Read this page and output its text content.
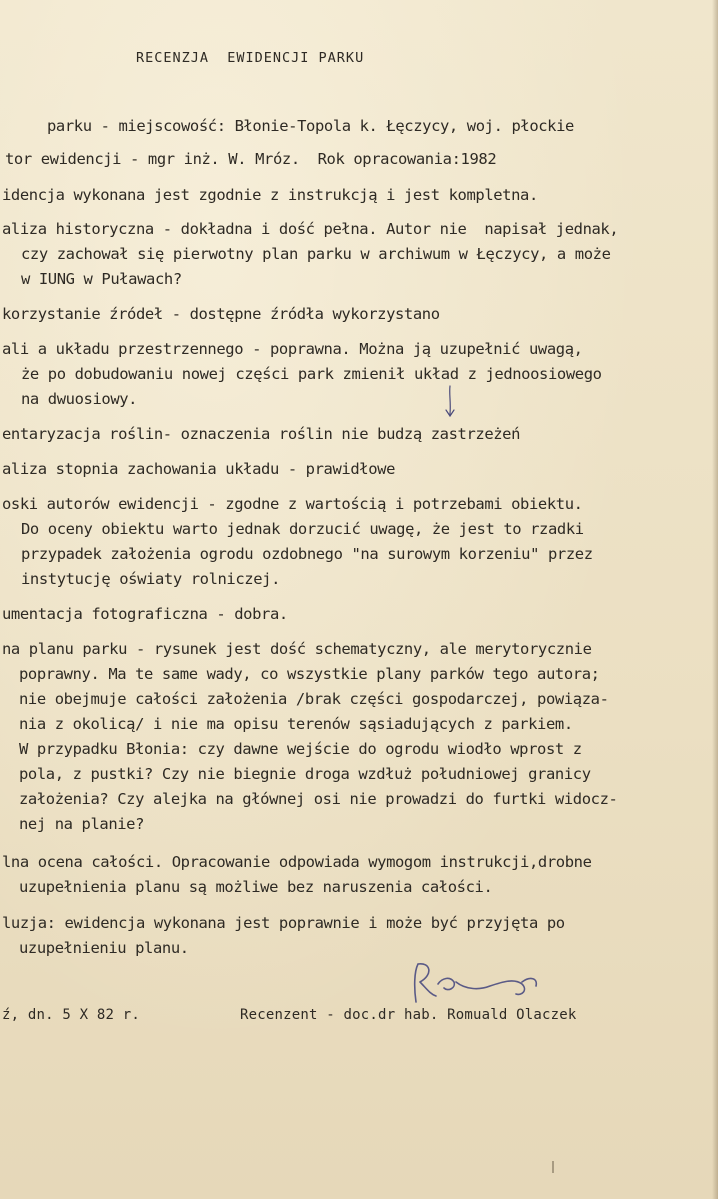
RECENZJA  EWIDENCJI PARKU
parku - miejscowość: Błonie-Topola k. Łęczycy, woj. płockie
tor ewidencji - mgr inż. W. Mróz.  Rok opracowania:1982
idencja wykonana jest zgodnie z instrukcją i jest kompletna.
aliza historyczna - dokładna i dość pełna. Autor nie  napisał jednak,
czy zachował się pierwotny plan parku w archiwum w Łęczycy, a może
w IUNG w Puławach?
korzystanie źródeł - dostępne źródła wykorzystano
ali a układu przestrzennego - poprawna. Można ją uzupełnić uwagą,
że po dobudowaniu nowej części park zmienił układ z jednoosiowego
na dwuosiowy.
entaryzacja roślin- oznaczenia roślin nie budzą zastrzeżeń
aliza stopnia zachowania układu - prawidłowe
oski autorów ewidencji - zgodne z wartością i potrzebami obiektu.
Do oceny obiektu warto jednak dorzucić uwagę, że jest to rzadki
przypadek założenia ogrodu ozdobnego "na surowym korzeniu" przez
instytucję oświaty rolniczej.
umentacja fotograficzna - dobra.
na planu parku - rysunek jest dość schematyczny, ale merytorycznie
poprawny. Ma te same wady, co wszystkie plany parków tego autora;
nie obejmuje całości założenia /brak części gospodarczej, powiąza-
nia z okolicą/ i nie ma opisu terenów sąsiadujących z parkiem.
W przypadku Błonia: czy dawne wejście do ogrodu wiodło wprost z
pola, z pustki? Czy nie biegnie droga wzdłuż południowej granicy
założenia? Czy alejka na głównej osi nie prowadzi do furtki widocz-
nej na planie?
lna ocena całości. Opracowanie odpowiada wymogom instrukcji,drobne
uzupełnienia planu są możliwe bez naruszenia całości.
luzja: ewidencja wykonana jest poprawnie i może być przyjęta po
uzupełnieniu planu.
ź, dn. 5 X 82 r.	Recenzent - doc.dr hab. Romuald Olaczek
